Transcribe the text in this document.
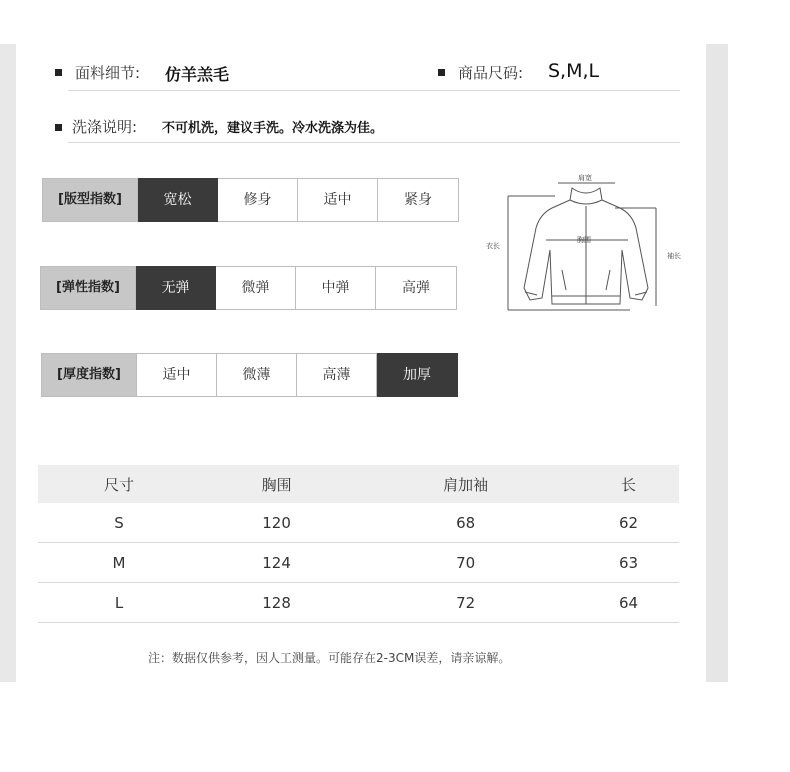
面料细节: 仿羊羔毛	商品尺码: S,M,L
洗涤说明: 不可机洗，建议手洗。冷水洗涤为佳。
[版型指数]	宽松	修身	适中	紧身
[弹性指数]	无弹	微弹	中弹	高弹
[厚度指数]	适中	微薄	高薄	加厚
肩宽
胸围
衣长
袖长
尺寸	胸围	肩加袖	长
S	120	68	62
M	124	70	63
L	128	72	64
注：数据仅供参考，因人工测量。可能存在2-3CM误差，请亲谅解。
